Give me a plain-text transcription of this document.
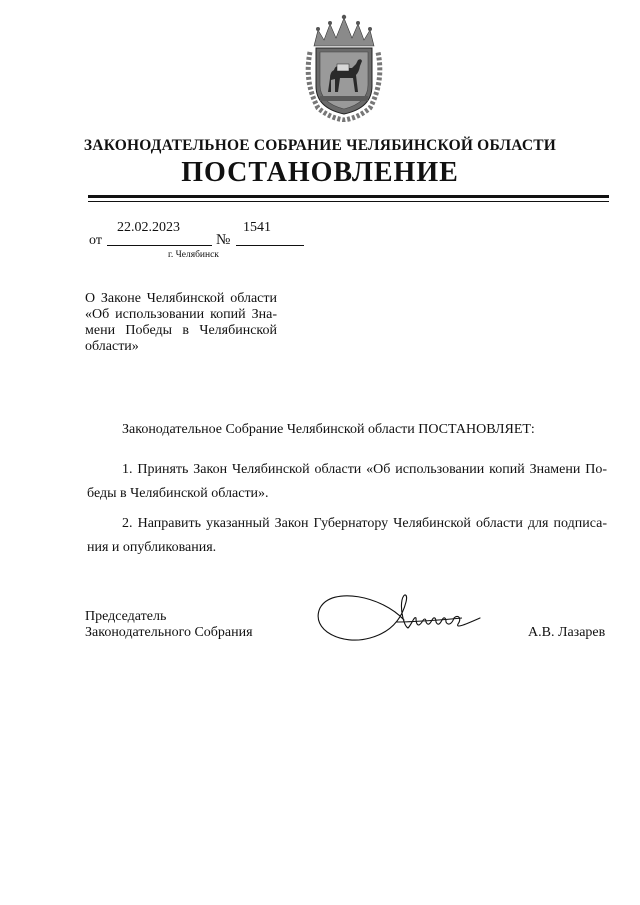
ЗАКОНОДАТЕЛЬНОЕ СОБРАНИЕ ЧЕЛЯБИНСКОЙ ОБЛАСТИ
ПОСТАНОВЛЕНИЕ
22.02.2023	1541
от	№
г. Челябинск
О Законе Челябинской области
«Об использовании копий Зна-
мени Победы в Челябинской
области»
Законодательное Собрание Челябинской области ПОСТАНОВЛЯЕТ:
1. Принять Закон Челябинской области «Об использовании копий Знамени По-
беды в Челябинской области».
2. Направить указанный Закон Губернатору Челябинской области для подписа-
ния и опубликования.
Председатель
Законодательного Собрания	А.В. Лазарев
